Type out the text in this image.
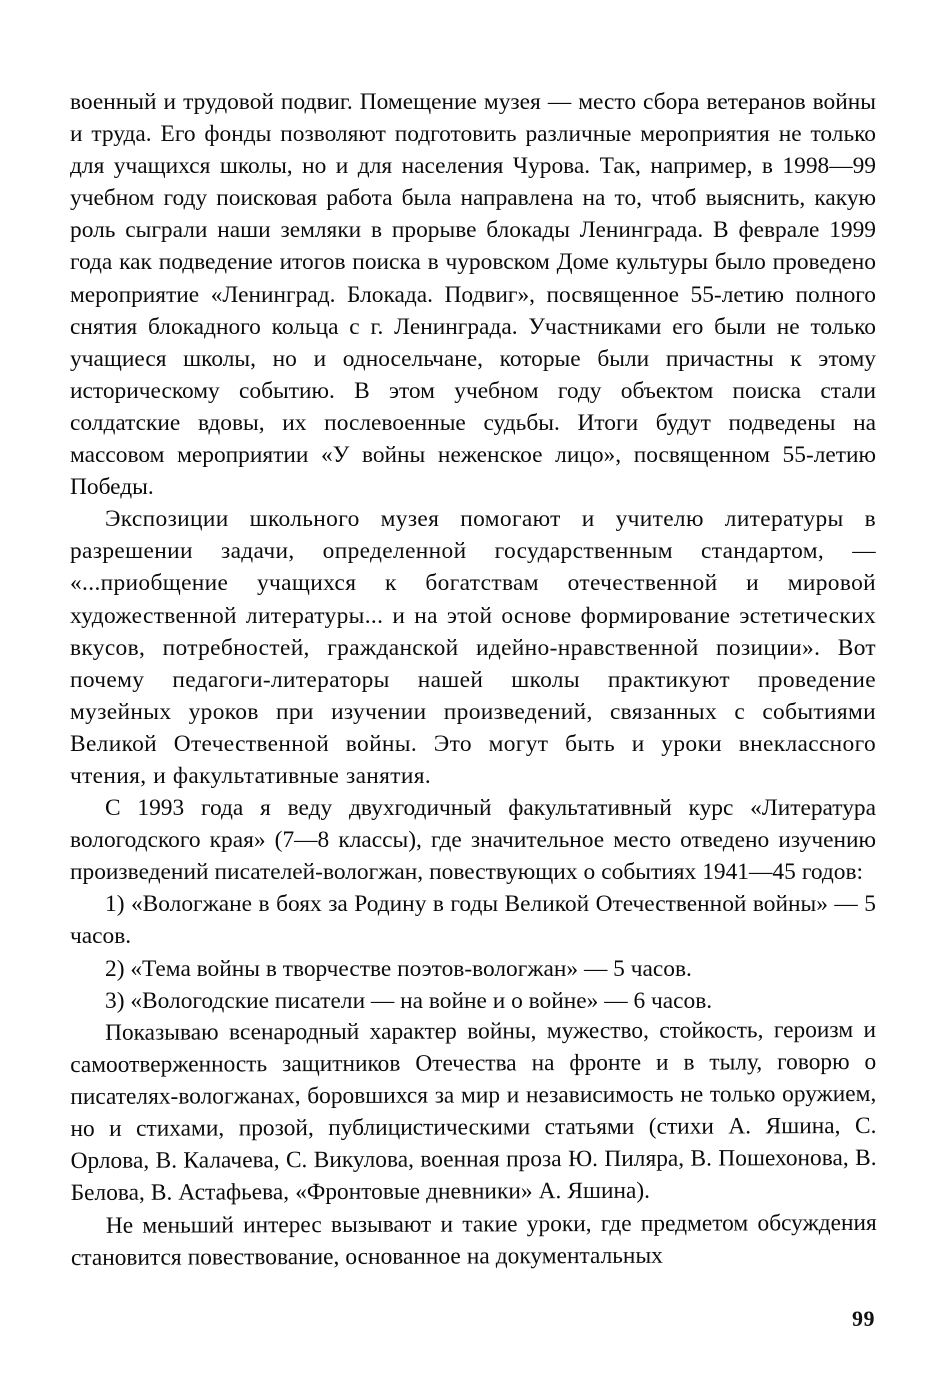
военный и трудовой подвиг. Помещение музея — место сбора ветеранов войны и труда. Его фонды позволяют подготовить различные мероприятия не только для учащихся школы, но и для населения Чурова. Так, например, в 1998—99 учебном году поисковая работа была направлена на то, чтоб выяснить, какую роль сыграли наши земляки в прорыве блокады Ленинграда. В феврале 1999 года как подведение итогов поиска в чуровском Доме культуры было проведено мероприятие «Ленинград. Блокада. Подвиг», посвященное 55-летию полного снятия блокадного кольца с г. Ленинграда. Участниками его были не только учащиеся школы, но и односельчане, которые были причастны к этому историческому событию. В этом учебном году объектом поиска стали солдатские вдовы, их послевоенные судьбы. Итоги будут подведены на массовом мероприятии «У войны неженское лицо», посвященном 55-летию Победы.

Экспозиции школьного музея помогают и учителю литературы в разрешении задачи, определенной государственным стандартом, — «...приобщение учащихся к богатствам отечественной и мировой художественной литературы... и на этой основе формирование эстетических вкусов, потребностей, гражданской идейно-нравственной позиции». Вот почему педагоги-литераторы нашей школы практикуют проведение музейных уроков при изучении произведений, связанных с событиями Великой Отечественной войны. Это могут быть и уроки внеклассного чтения, и факультативные занятия.

С 1993 года я веду двухгодичный факультативный курс «Литература вологодского края» (7—8 классы), где значительное место отведено изучению произведений писателей-вологжан, повествующих о событиях 1941—45 годов:

1) «Вологжане в боях за Родину в годы Великой Отечественной войны» — 5 часов.

2) «Тема войны в творчестве поэтов-вологжан» — 5 часов.

3) «Вологодские писатели — на войне и о войне» — 6 часов.

Показываю всенародный характер войны, мужество, стойкость, героизм и самоотверженность защитников Отечества на фронте и в тылу, говорю о писателях-вологжанах, боровшихся за мир и независимость не только оружием, но и стихами, прозой, публицистическими статьями (стихи А. Яшина, С. Орлова, В. Калачева, С. Викулова, военная проза Ю. Пиляра, В. Пошехонова, В. Белова, В. Астафьева, «Фронтовые дневники» А. Яшина).

Не меньший интерес вызывают и такие уроки, где предметом обсуждения становится повествование, основанное на документальных

99
